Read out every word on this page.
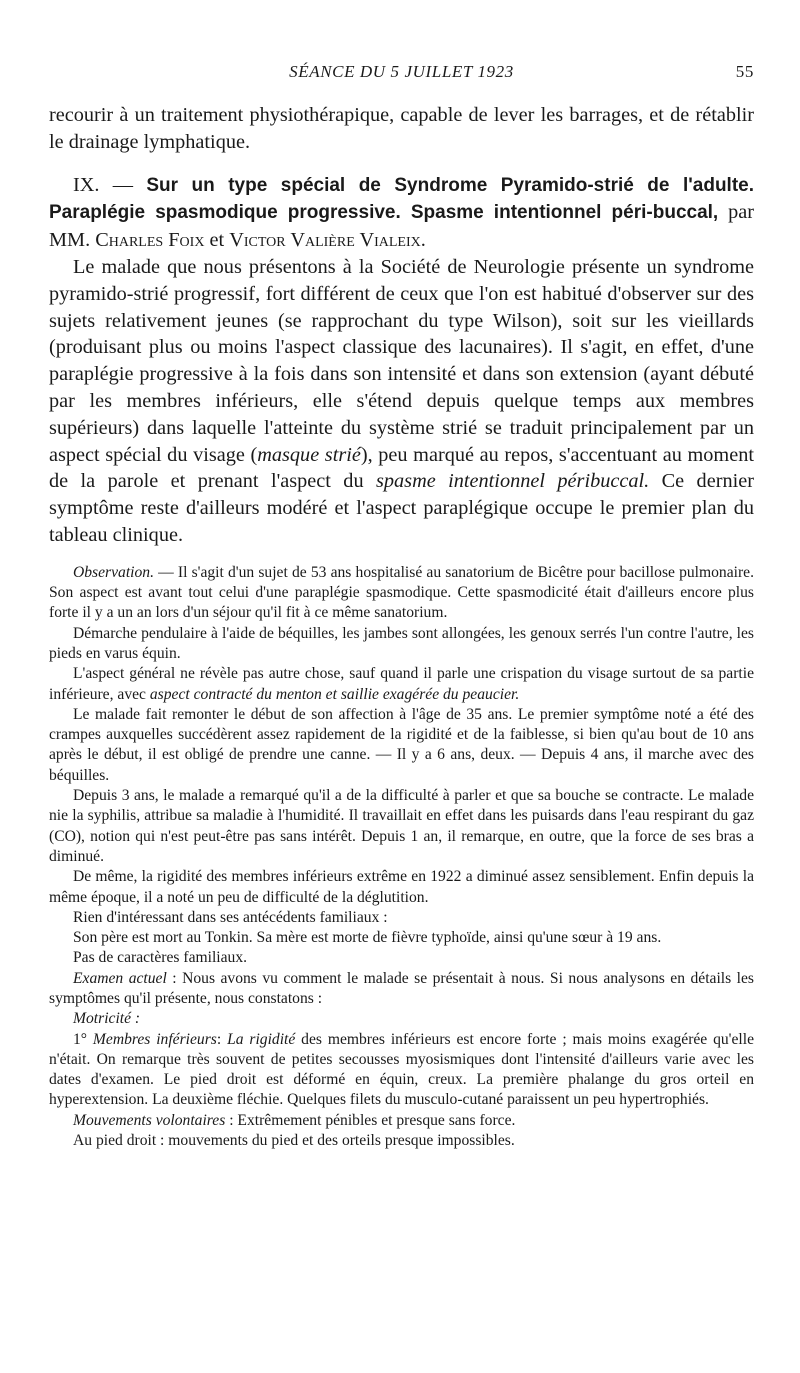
SÉANCE DU 5 JUILLET 1923	55

recourir à un traitement physiothérapique, capable de lever les barrages, et de rétablir le drainage lymphatique.

IX. — Sur un type spécial de Syndrome Pyramido-strié de l'adulte. Paraplégie spasmodique progressive. Spasme intentionnel péri-buccal, par MM. Charles Foix et Victor Valière Vialeix.

Le malade que nous présentons à la Société de Neurologie présente un syndrome pyramido-strié progressif, fort différent de ceux que l'on est habitué d'observer sur des sujets relativement jeunes (se rapprochant du type Wilson), soit sur les vieillards (produisant plus ou moins l'aspect classique des lacunaires). Il s'agit, en effet, d'une paraplégie progressive à la fois dans son intensité et dans son extension (ayant débuté par les membres inférieurs, elle s'étend depuis quelque temps aux membres supérieurs) dans laquelle l'atteinte du système strié se traduit principalement par un aspect spécial du visage (masque strié), peu marqué au repos, s'accentuant au moment de la parole et prenant l'aspect du spasme intentionnel péribuccal. Ce dernier symptôme reste d'ailleurs modéré et l'aspect paraplégique occupe le premier plan du tableau clinique.

Observation. — Il s'agit d'un sujet de 53 ans hospitalisé au sanatorium de Bicêtre pour bacillose pulmonaire. Son aspect est avant tout celui d'une paraplégie spasmodique. Cette spasmodicité était d'ailleurs encore plus forte il y a un an lors d'un séjour qu'il fit à ce même sanatorium.

Démarche pendulaire à l'aide de béquilles, les jambes sont allongées, les genoux serrés l'un contre l'autre, les pieds en varus équin.

L'aspect général ne révèle pas autre chose, sauf quand il parle une crispation du visage surtout de sa partie inférieure, avec aspect contracté du menton et saillie exagérée du peaucier.

Le malade fait remonter le début de son affection à l'âge de 35 ans. Le premier symptôme noté a été des crampes auxquelles succédèrent assez rapidement de la rigidité et de la faiblesse, si bien qu'au bout de 10 ans après le début, il est obligé de prendre une canne. — Il y a 6 ans, deux. — Depuis 4 ans, il marche avec des béquilles.

Depuis 3 ans, le malade a remarqué qu'il a de la difficulté à parler et que sa bouche se contracte. Le malade nie la syphilis, attribue sa maladie à l'humidité. Il travaillait en effet dans les puisards dans l'eau respirant du gaz (CO), notion qui n'est peut-être pas sans intérêt. Depuis 1 an, il remarque, en outre, que la force de ses bras a diminué.

De même, la rigidité des membres inférieurs extrême en 1922 a diminué assez sensiblement. Enfin depuis la même époque, il a noté un peu de difficulté de la déglutition.

Rien d'intéressant dans ses antécédents familiaux :

Son père est mort au Tonkin. Sa mère est morte de fièvre typhoïde, ainsi qu'une sœur à 19 ans.

Pas de caractères familiaux.

Examen actuel : Nous avons vu comment le malade se présentait à nous. Si nous analysons en détails les symptômes qu'il présente, nous constatons :

Motricité :

1° Membres inférieurs: La rigidité des membres inférieurs est encore forte ; mais moins exagérée qu'elle n'était. On remarque très souvent de petites secousses myosismiques dont l'intensité d'ailleurs varie avec les dates d'examen. Le pied droit est déformé en équin, creux. La première phalange du gros orteil en hyperextension. La deuxième fléchie. Quelques filets du musculo-cutané paraissent un peu hypertrophiés.

Mouvements volontaires : Extrêmement pénibles et presque sans force.

Au pied droit : mouvements du pied et des orteils presque impossibles.
